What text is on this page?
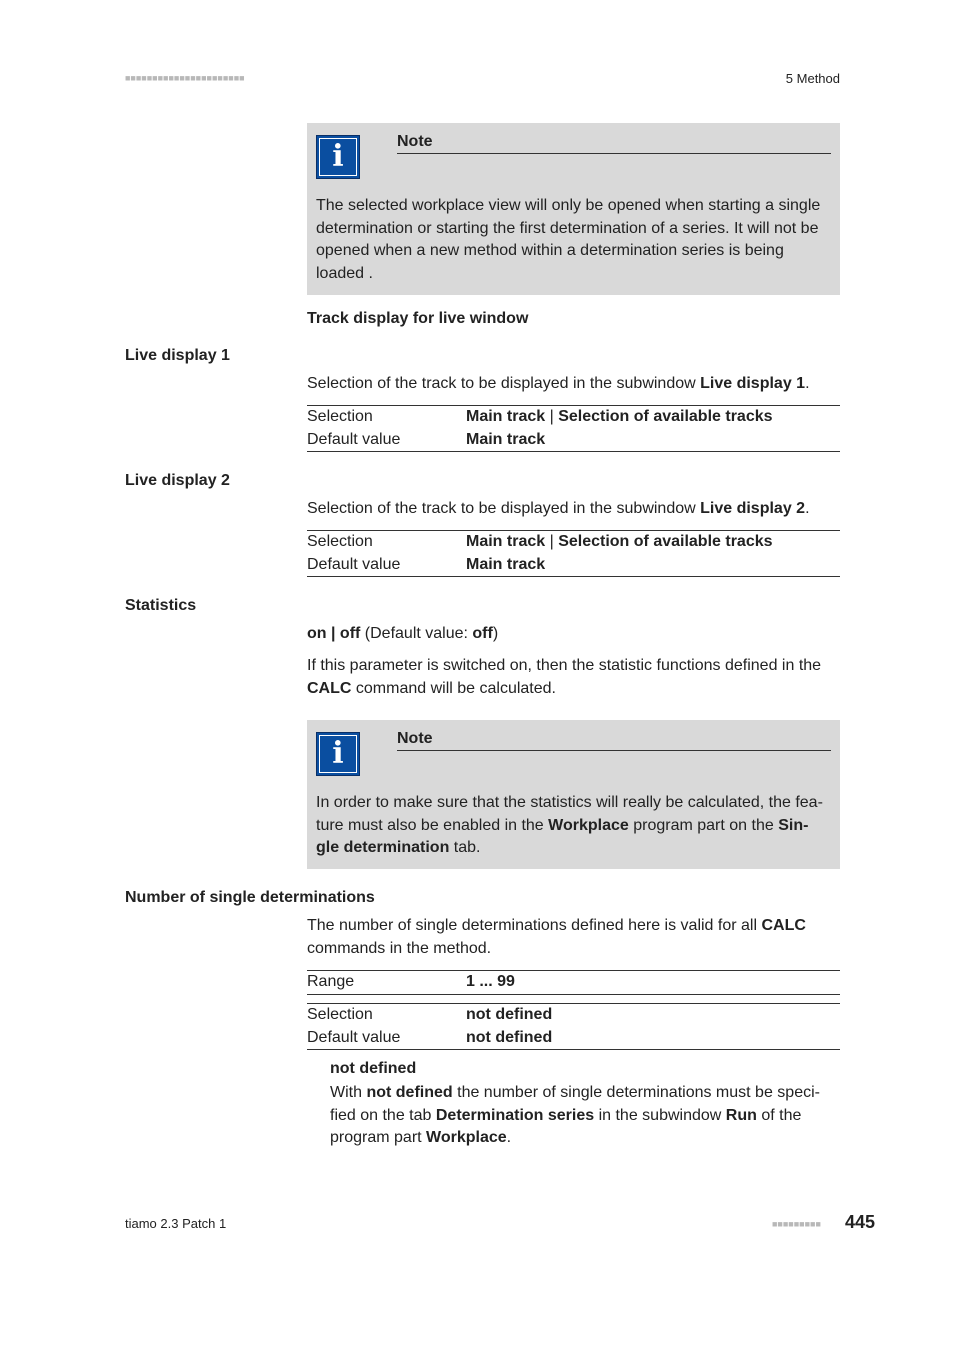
■■■■■■■■■■■■■■■■■■■■■■	5 Method
i	Note
The selected workplace view will only be opened when starting a single determination or starting the first determination of a series. It will not be opened when a new method within a determination series is being loaded .
Track display for live window
Live display 1
Selection of the track to be displayed in the subwindow Live display 1.
Selection	Main track | Selection of available tracks
Default value	Main track
Live display 2
Selection of the track to be displayed in the subwindow Live display 2.
Selection	Main track | Selection of available tracks
Default value	Main track
Statistics
on | off (Default value: off)
If this parameter is switched on, then the statistic functions defined in the CALC command will be calculated.
i	Note
In order to make sure that the statistics will really be calculated, the fea-ture must also be enabled in the Workplace program part on the Sin-gle determination tab.
Number of single determinations
The number of single determinations defined here is valid for all CALC commands in the method.
Range	1 ... 99
Selection	not defined
Default value	not defined
not defined
With not defined the number of single determinations must be speci-fied on the tab Determination series in the subwindow Run of the program part Workplace.
tiamo 2.3 Patch 1	■■■■■■■■■ 445
